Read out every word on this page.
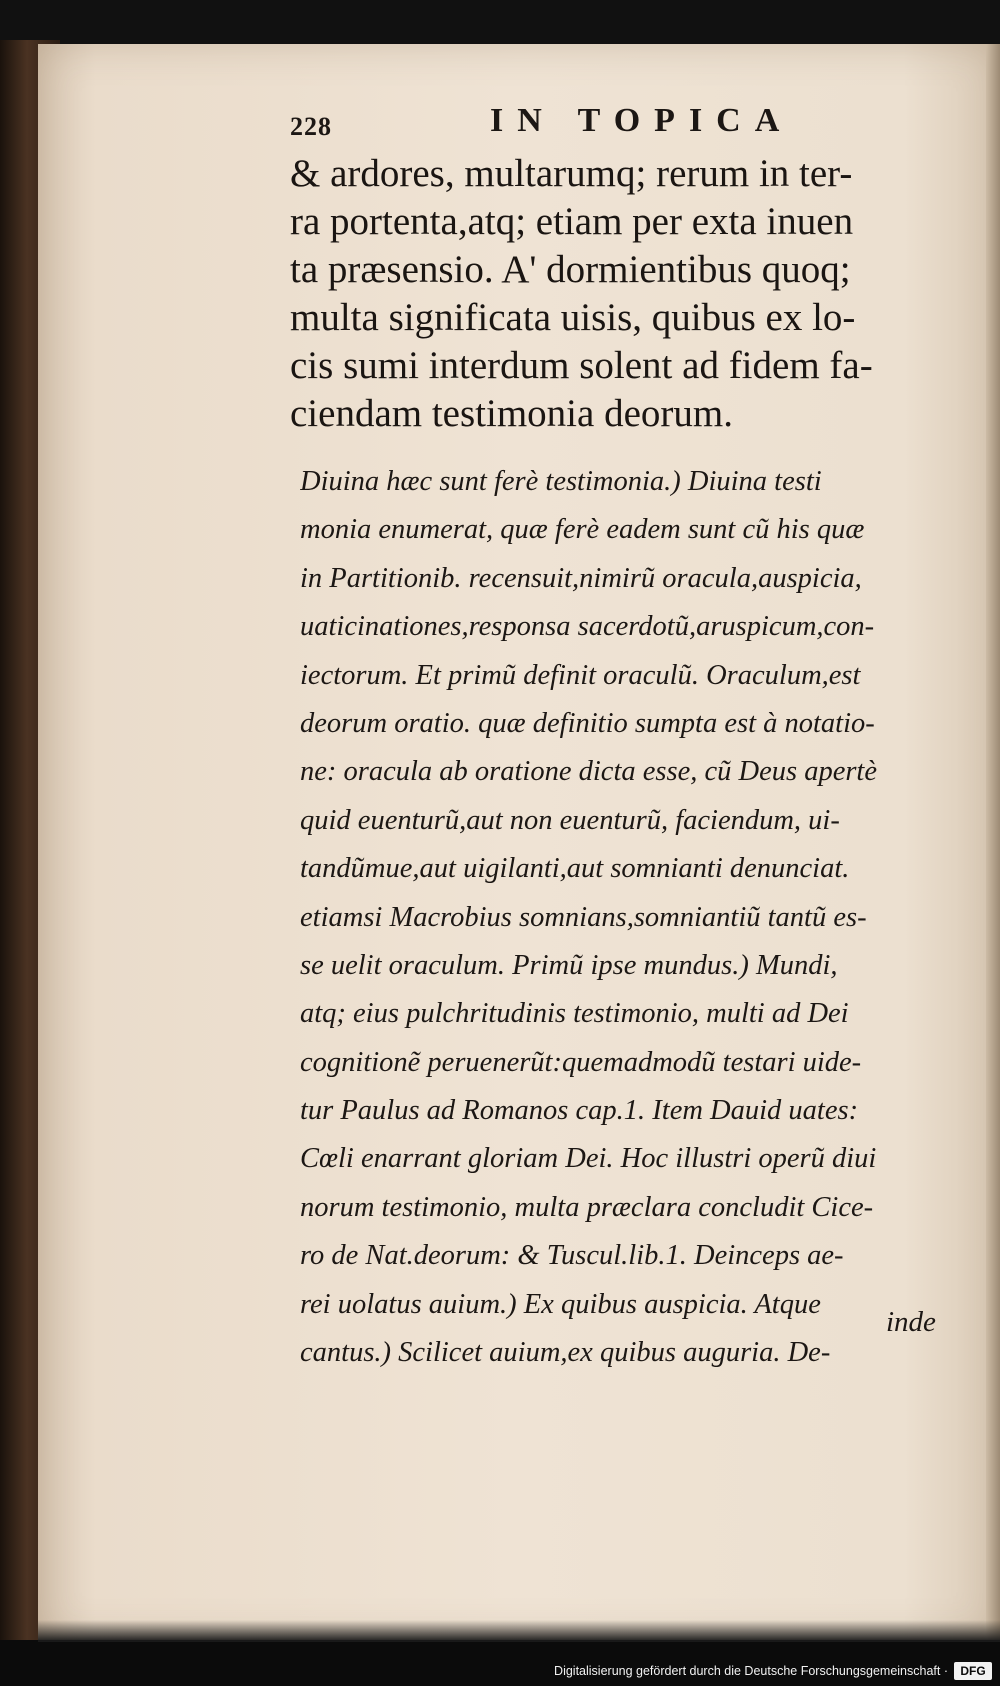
228	IN TOPICA
& ardores, multarumq; rerum in ter-
ra portenta,atq; etiam per exta inuen
ta præsensio. A' dormientibus quoq;
multa significata uisis, quibus ex lo-
cis sumi interdum solent ad fidem fa-
ciendam testimonia deorum.
Diuina hæc sunt ferè testimonia.) Diuina testi
monia enumerat, quæ ferè eadem sunt cũ his quæ
in Partitionib. recensuit,nimirũ oracula,auspicia,
uaticinationes,responsa sacerdotũ,aruspicum,con-
iectorum. Et primũ definit oraculũ. Oraculum,est
deorum oratio. quæ definitio sumpta est à notatio-
ne: oracula ab oratione dicta esse, cũ Deus apertè
quid euenturũ,aut non euenturũ, faciendum, ui-
tandũmue,aut uigilanti,aut somnianti denunciat.
etiamsi Macrobius somnians,somniantiũ tantũ es-
se uelit oraculum. Primũ ipse mundus.) Mundi,
atq; eius pulchritudinis testimonio, multi ad Dei
cognitionẽ peruenerũt:quemadmodũ testari uide-
tur Paulus ad Romanos cap.1. Item Dauid uates:
Cœli enarrant gloriam Dei. Hoc illustri operũ diui
norum testimonio, multa præclara concludit Cice-
ro de Nat.deorum: & Tuscul.lib.1. Deinceps ae-
rei uolatus auium.) Ex quibus auspicia. Atque
cantus.) Scilicet auium,ex quibus auguria. De-
inde
Digitalisierung gefördert durch die Deutsche Forschungsgemeinschaft ·	DFG
